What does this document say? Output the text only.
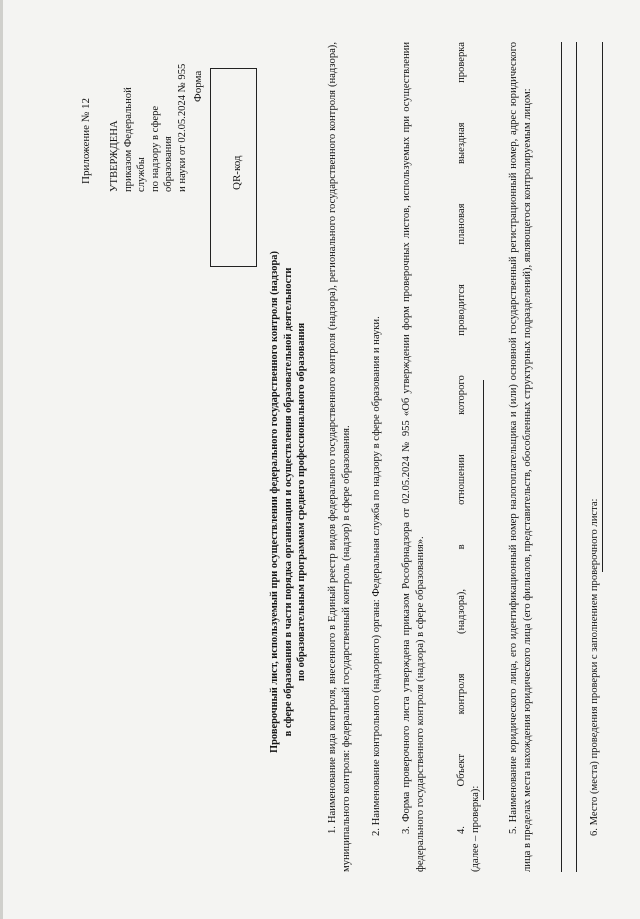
Приложение № 12 УТВЕРЖДЕНА приказом Федеральной службы по надзору в сфере образования и науки от 02.05.2024 № 955 Форма
QR-код
Проверочный лист, используемый при осуществлении федерального государственного контроля (надзора) в сфере образования в части порядка организации и осуществления образовательной деятельности по образовательным программам среднего профессионального образования 1. Наименование вида контроля, внесенного в Единый реестр видов федерального государственного контроля (надзора), регионального государственного контроля (надзора), муниципального контроля: федеральный государственный контроль (надзор) в сфере образования. 2. Наименование контрольного (надзорного) органа: Федеральная служба по надзору в сфере образования и науки. 3. Форма проверочного листа утверждена приказом Рособрнадзора от 02.05.2024 № 955 «Об утверждении форм проверочных листов, используемых при осуществлении федерального государственного контроля (надзора) в сфере образования».	4.
Объект
контроля
(надзора),
в
отношении
которого
проводится
плановая
выездная
проверка
(далее – проверка):	5. Наименование юридического лица, его идентификационный номер налогоплательщика и (или) основной государственный регистрационный номер, адрес юридического лица в пределах места нахождения юридического лица (его филиалов, представительств, обособленных структурных подразделений), являющегося контролируемым лицом:	6. Место (места) проведения проверки с заполнением проверочного листа:
